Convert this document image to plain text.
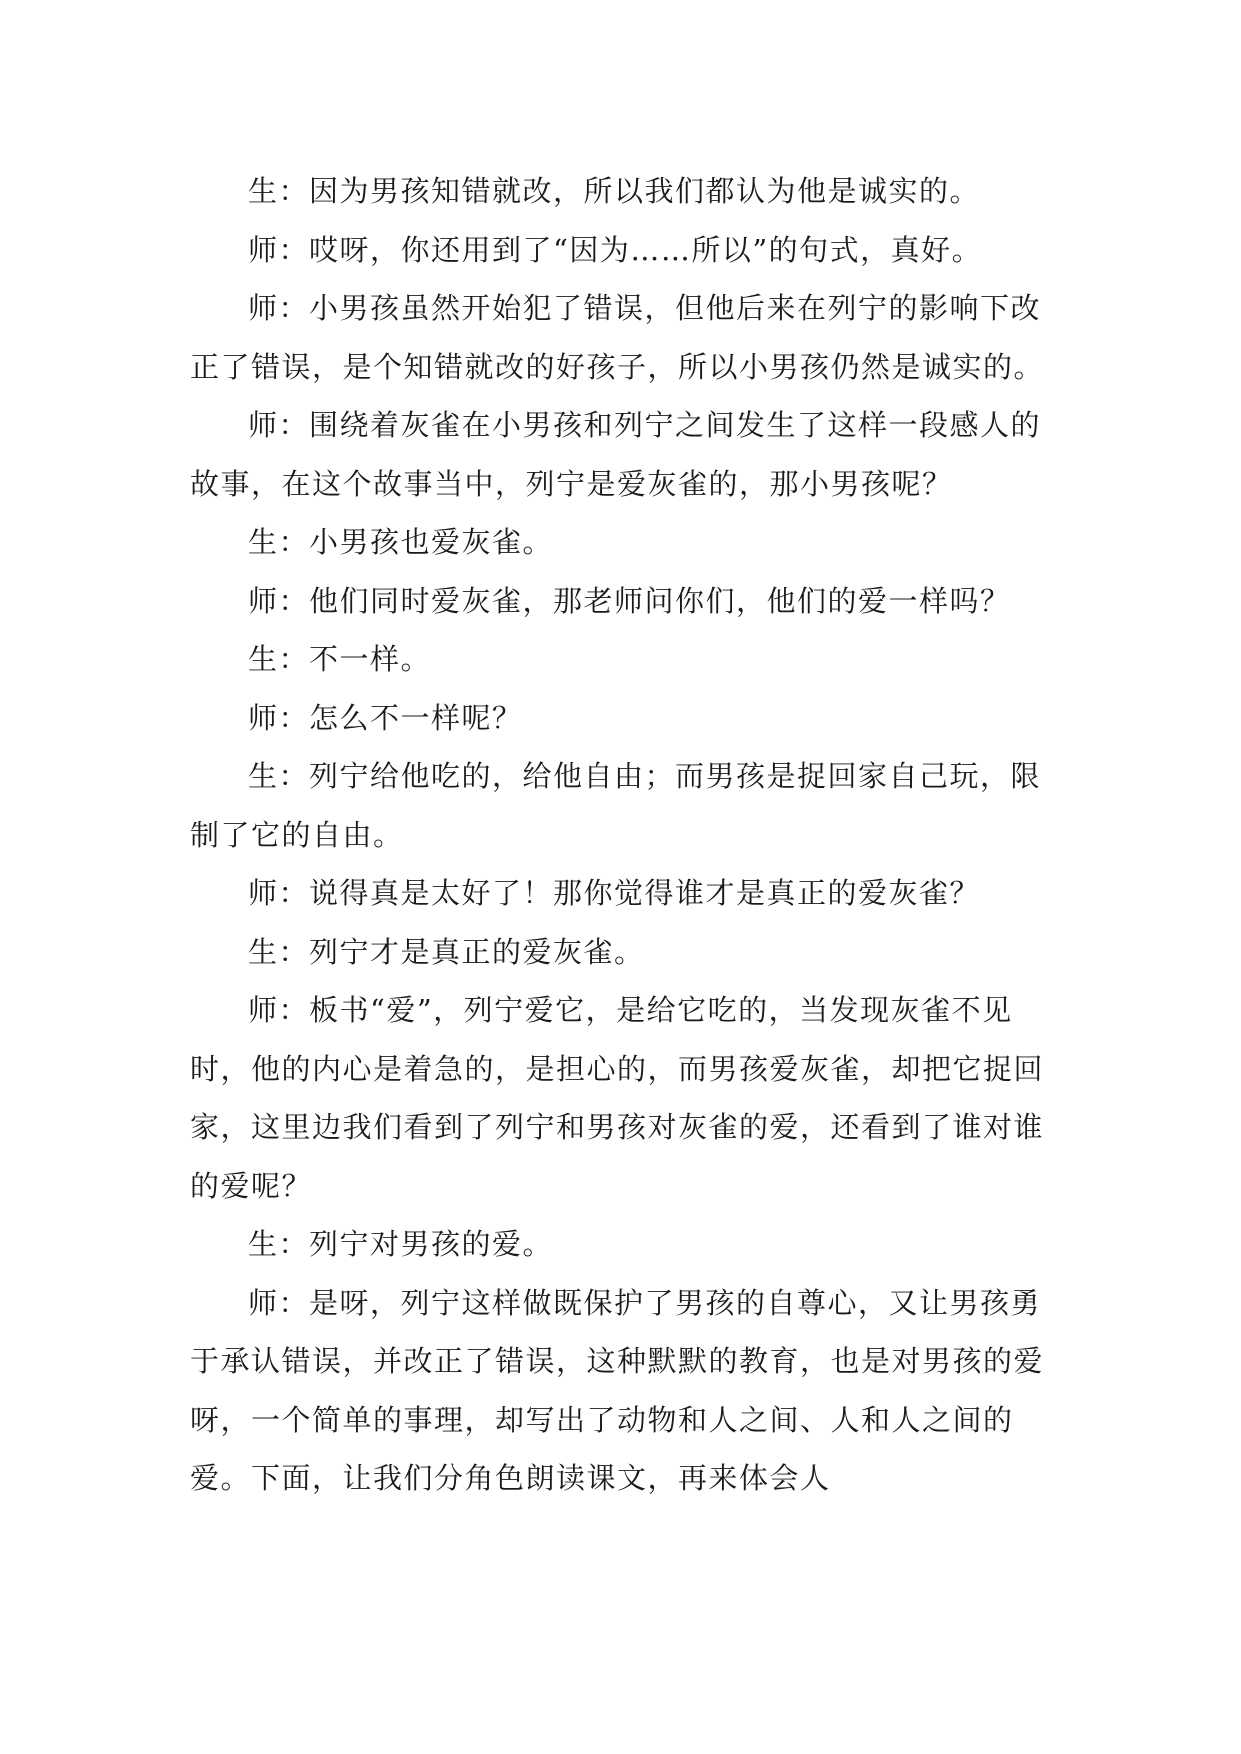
生：因为男孩知错就改，所以我们都认为他是诚实的。

师：哎呀，你还用到了“因为……所以”的句式，真好。

师：小男孩虽然开始犯了错误，但他后来在列宁的影响下改正了错误，是个知错就改的好孩子，所以小男孩仍然是诚实的。

师：围绕着灰雀在小男孩和列宁之间发生了这样一段感人的故事，在这个故事当中，列宁是爱灰雀的，那小男孩呢？

生：小男孩也爱灰雀。

师：他们同时爱灰雀，那老师问你们，他们的爱一样吗？

生：不一样。

师：怎么不一样呢？

生：列宁给他吃的，给他自由；而男孩是捉回家自己玩，限制了它的自由。

师：说得真是太好了！那你觉得谁才是真正的爱灰雀？

生：列宁才是真正的爱灰雀。

师：板书“爱”，列宁爱它，是给它吃的，当发现灰雀不见时，他的内心是着急的，是担心的，而男孩爱灰雀，却把它捉回家，这里边我们看到了列宁和男孩对灰雀的爱，还看到了谁对谁的爱呢？

生：列宁对男孩的爱。

师：是呀，列宁这样做既保护了男孩的自尊心，又让男孩勇于承认错误，并改正了错误，这种默默的教育，也是对男孩的爱呀，一个简单的事理，却写出了动物和人之间、人和人之间的爱。下面，让我们分角色朗读课文，再来体会人
